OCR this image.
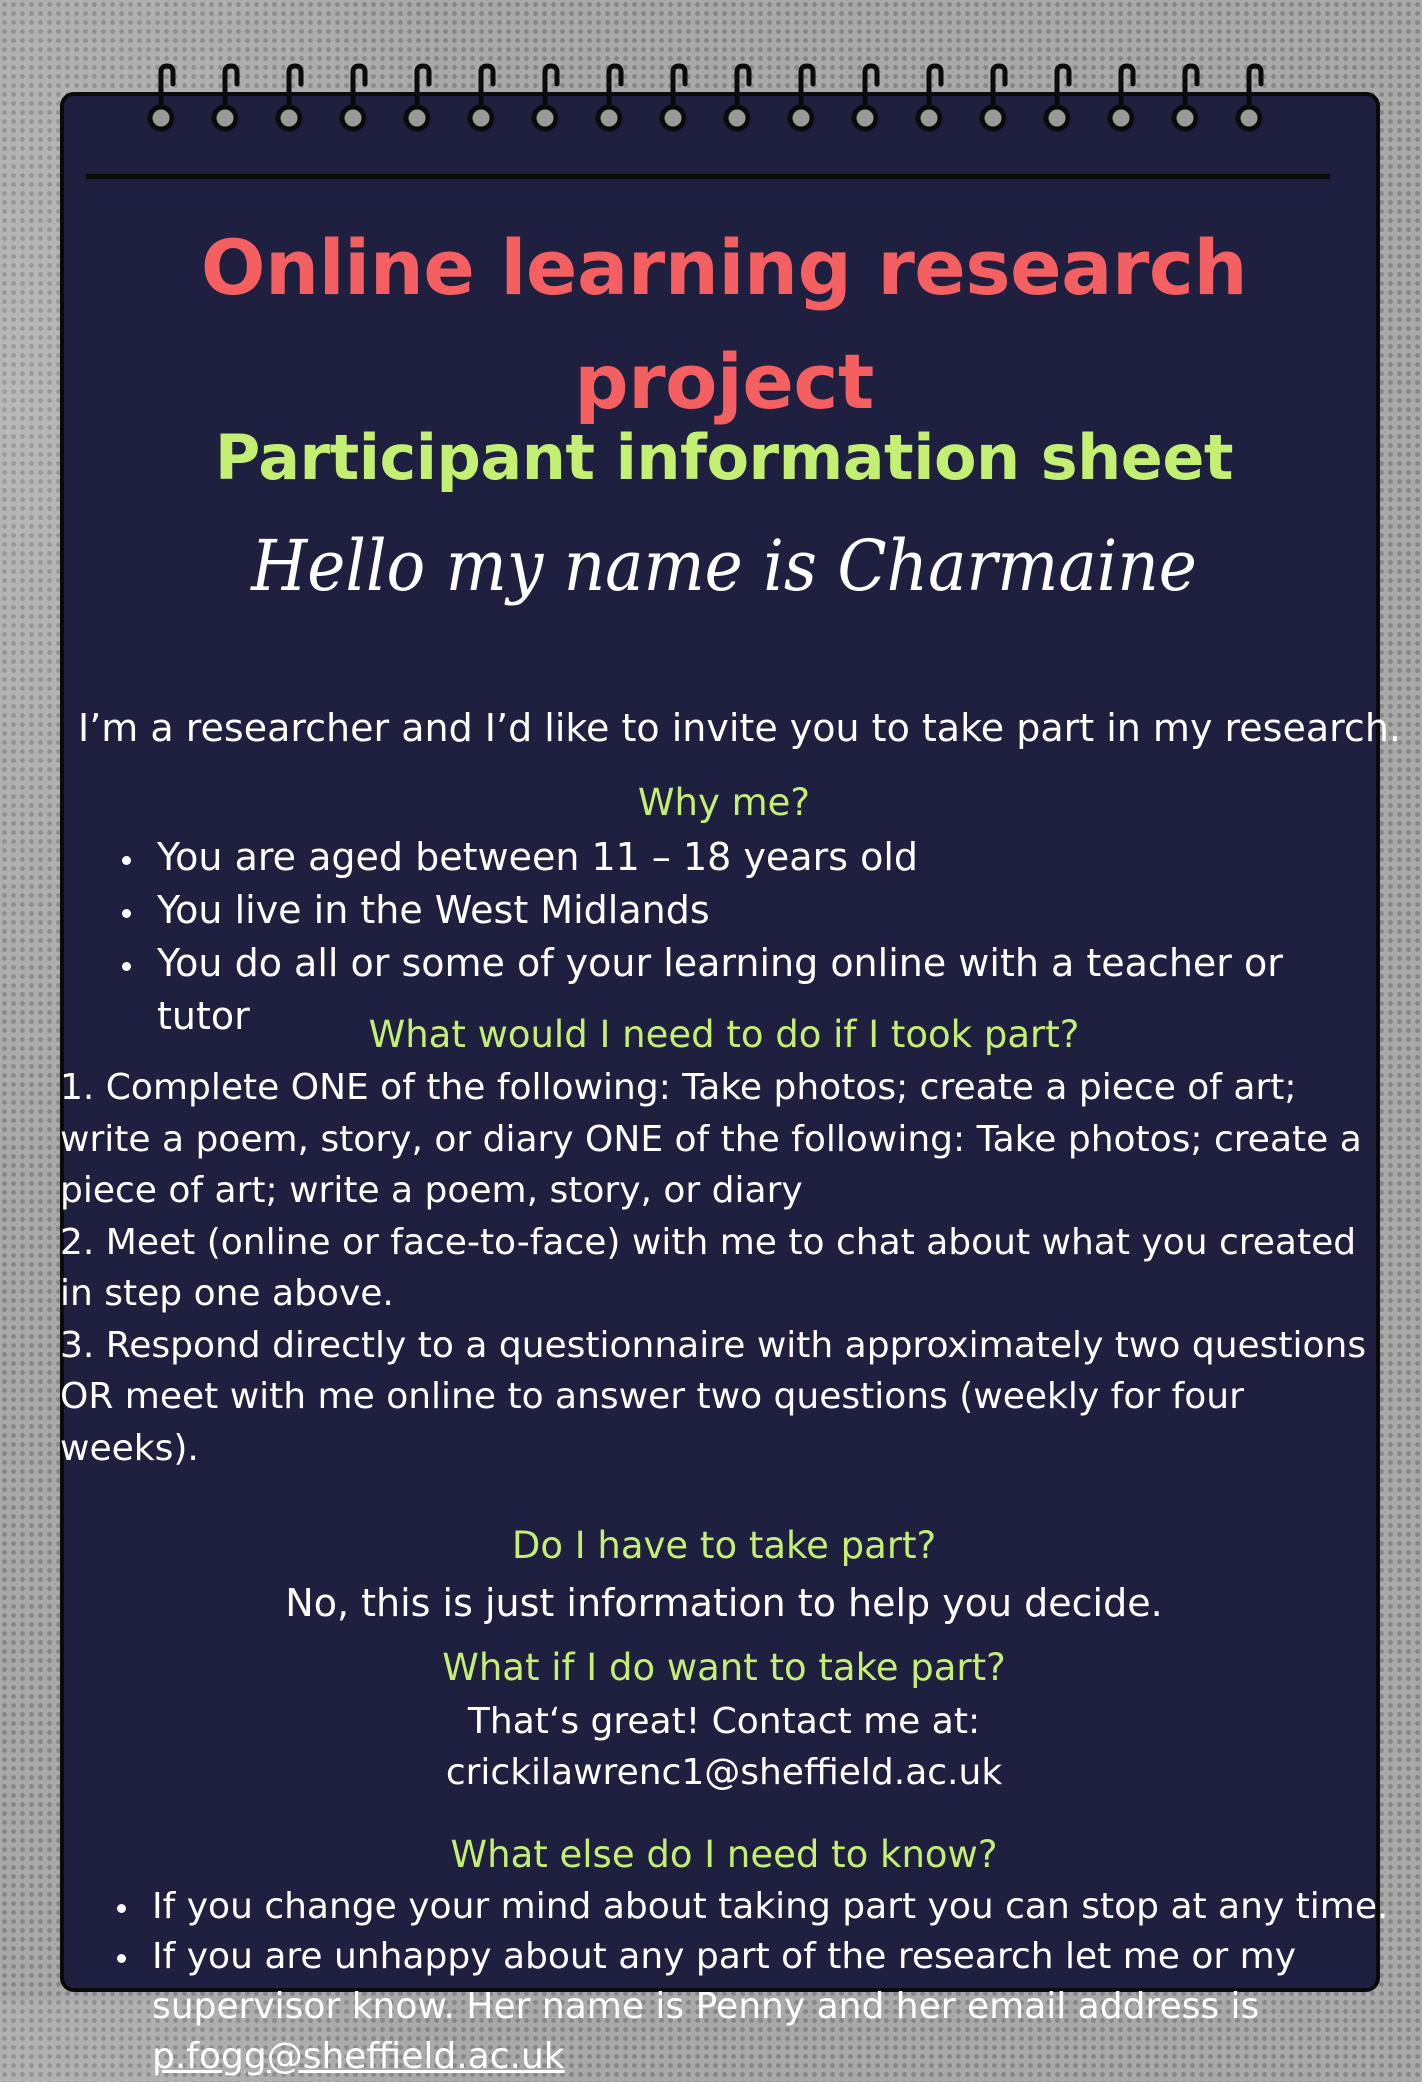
Online learning research project
Participant information sheet
Hello my name is Charmaine
I’m a researcher and I’d like to invite you to take part in my research.
Why me?
• You are aged between 11 – 18 years old
• You live in the West Midlands
• You do all or some of your learning online with a teacher or tutor	What would I need to do if I took part?

1. Complete ONE of the following: Take photos; create a piece of art; write a poem, story, or diary ONE of the following: Take photos; create a piece of art; write a poem, story, or diary

2. Meet (online or face-to-face) with me to chat about what you created in step one above.

3. Respond directly to a questionnaire with approximately two questions OR meet with me online to answer two questions (weekly for four weeks).

Do I have to take part?
No, this is just information to help you decide.
What if I do want to take part?
That‘s great! Contact me at:
crickilawrenc1@sheffield.ac.uk
What else do I need to know?
• If you change your mind about taking part you can stop at any time.
• If you are unhappy about any part of the research let me or my supervisor know. Her name is Penny and her email address is
p.fogg@sheffield.ac.uk
